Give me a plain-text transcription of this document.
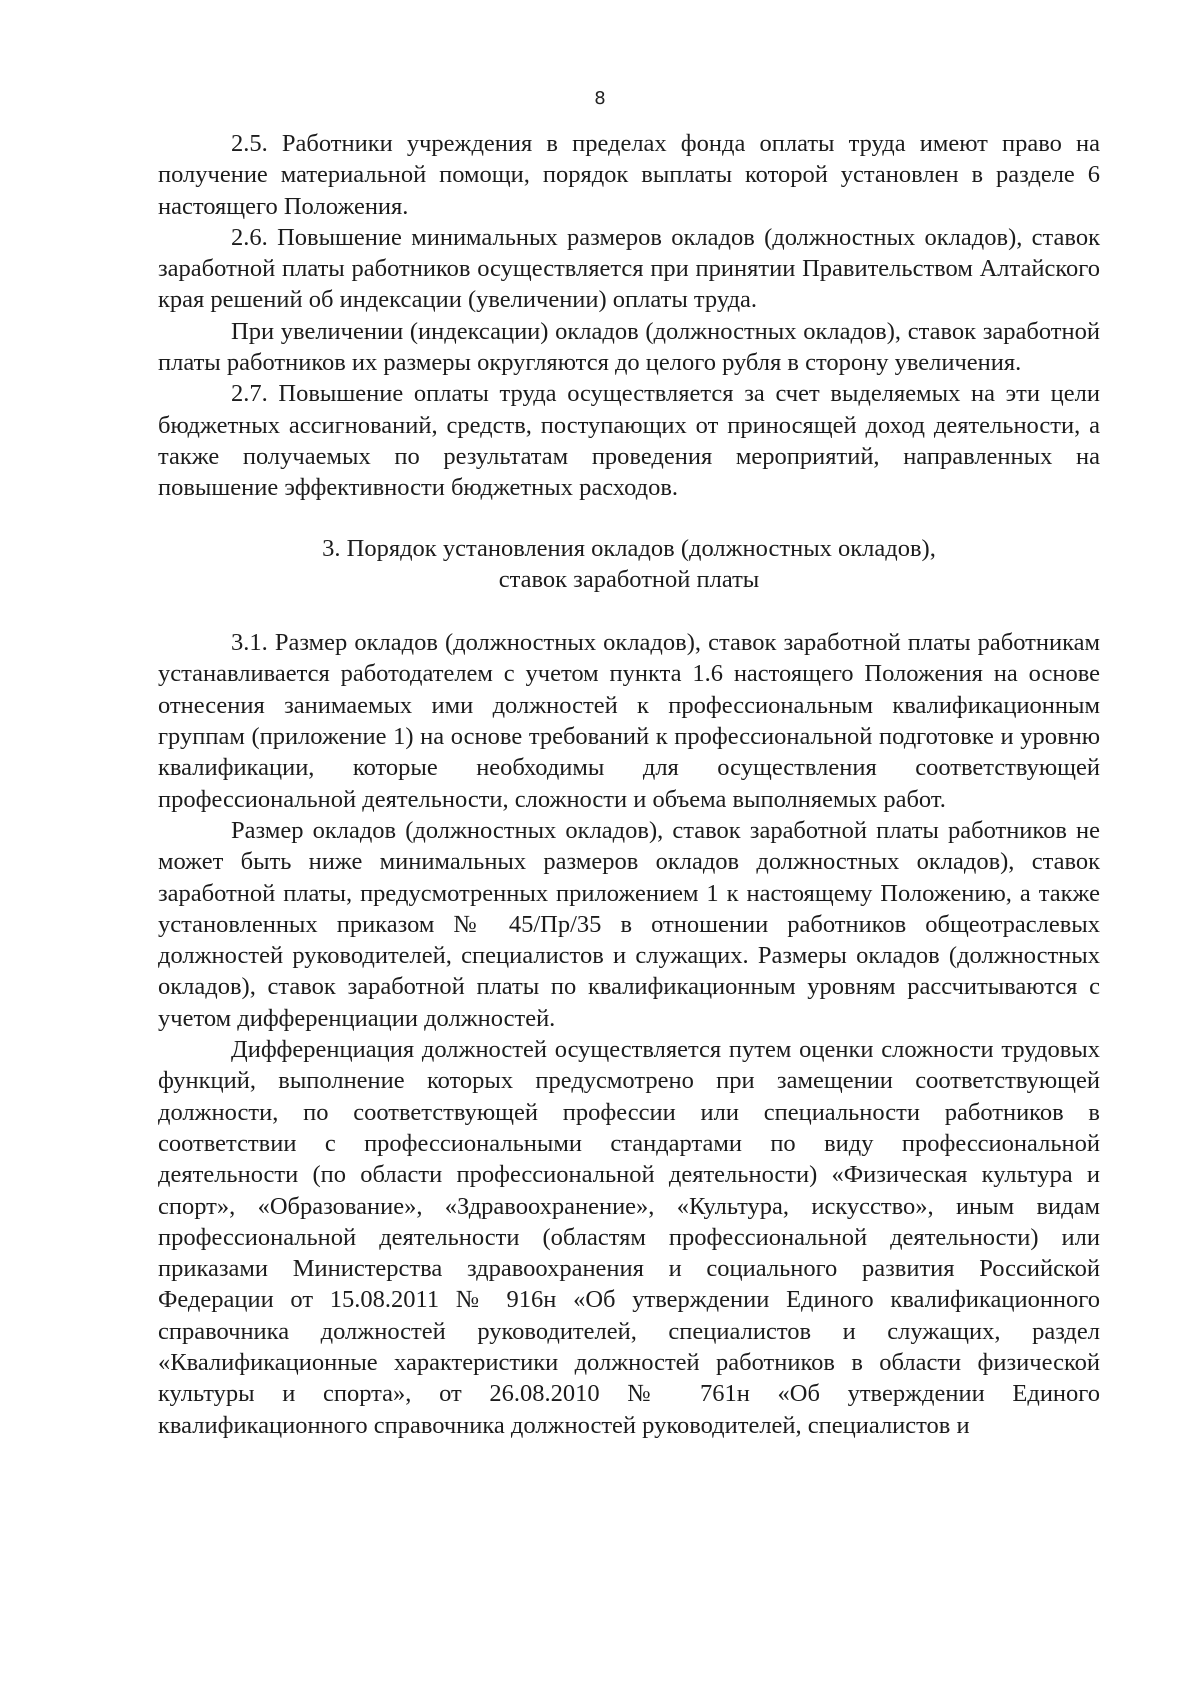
8

2.5. Работники учреждения в пределах фонда оплаты труда имеют право на получение материальной помощи, порядок выплаты которой установлен в разделе 6 настоящего Положения.

2.6. Повышение минимальных размеров окладов (должностных окладов), ставок заработной платы работников осуществляется при принятии Правительством Алтайского края решений об индексации (увеличении) оплаты труда.

При увеличении (индексации) окладов (должностных окладов), ставок заработной платы работников их размеры округляются до целого рубля в сторону увеличения.

2.7. Повышение оплаты труда осуществляется за счет выделяемых на эти цели бюджетных ассигнований, средств, поступающих от приносящей доход деятельности, а также получаемых по результатам проведения мероприятий, направленных на повышение эффективности бюджетных расходов.

3. Порядок установления окладов (должностных окладов),
ставок заработной платы

3.1. Размер окладов (должностных окладов), ставок заработной платы работникам устанавливается работодателем с учетом пункта 1.6 настоящего Положения на основе отнесения занимаемых ими должностей к профессиональным квалификационным группам (приложение 1) на основе требований к профессиональной подготовке и уровню квалификации, которые необходимы для осуществления соответствующей профессиональной деятельности, сложности и объема выполняемых работ.

Размер окладов (должностных окладов), ставок заработной платы работников не может быть ниже минимальных размеров окладов должностных окладов), ставок заработной платы, предусмотренных приложением 1 к настоящему Положению, а также установленных приказом № 45/Пр/35 в отношении работников общеотраслевых должностей руководителей, специалистов и служащих. Размеры окладов (должностных окладов), ставок заработной платы по квалификационным уровням рассчитываются с учетом дифференциации должностей.

Дифференциация должностей осуществляется путем оценки сложности трудовых функций, выполнение которых предусмотрено при замещении соответствующей должности, по соответствующей профессии или специальности работников в соответствии с профессиональными стандартами по виду профессиональной деятельности (по области профессиональной деятельности) «Физическая культура и спорт», «Образование», «Здравоохранение», «Культура, искусство», иным видам профессиональной деятельности (областям профессиональной деятельности) или приказами Министерства здравоохранения и социального развития Российской Федерации от 15.08.2011 № 916н «Об утверждении Единого квалификационного справочника должностей руководителей, специалистов и служащих, раздел «Квалификационные характеристики должностей работников в области физической культуры и спорта», от 26.08.2010 № 761н «Об утверждении Единого квалификационного справочника должностей руководителей, специалистов и
